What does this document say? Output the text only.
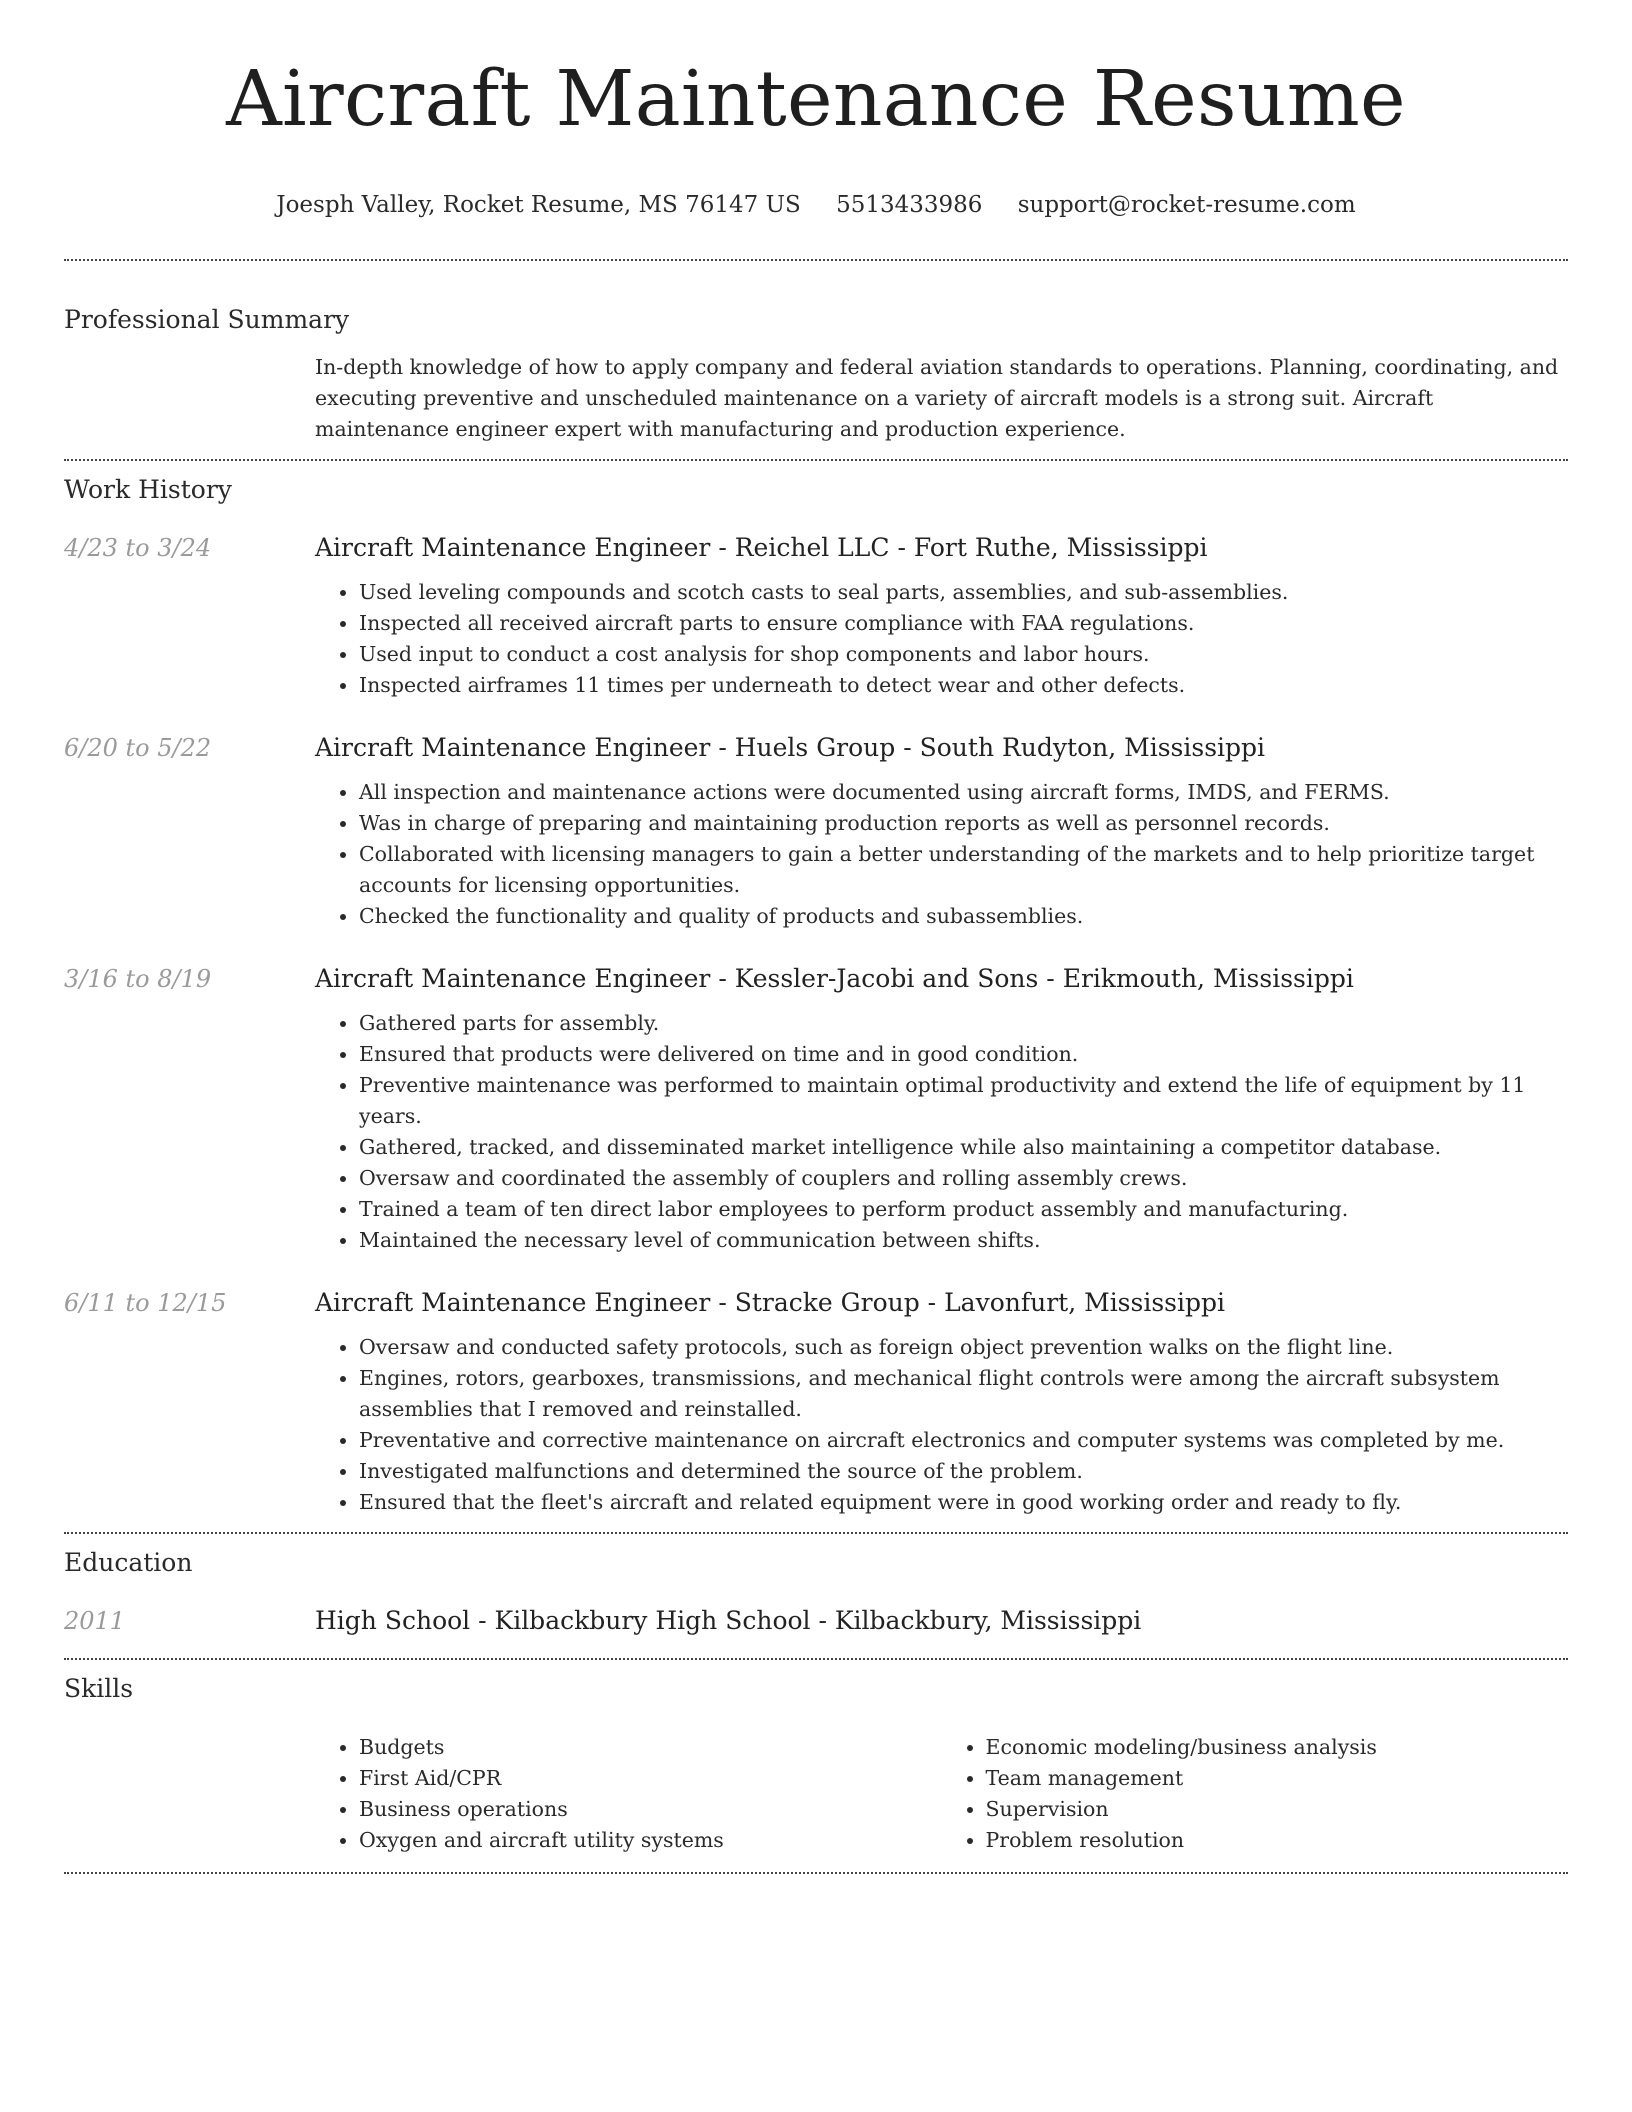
Aircraft Maintenance Resume
Joesph Valley, Rocket Resume, MS 76147 US 5513433986 support@rocket-resume.com
Professional Summary
In-depth knowledge of how to apply company and federal aviation standards to operations. Planning, coordinating, and executing preventive and unscheduled maintenance on a variety of aircraft models is a strong suit. Aircraft maintenance engineer expert with manufacturing and production experience.
Work History
4/23 to 3/24	Aircraft Maintenance Engineer - Reichel LLC - Fort Ruthe, Mississippi
• Used leveling compounds and scotch casts to seal parts, assemblies, and sub-assemblies.
• Inspected all received aircraft parts to ensure compliance with FAA regulations.
• Used input to conduct a cost analysis for shop components and labor hours.
• Inspected airframes 11 times per underneath to detect wear and other defects.
6/20 to 5/22	Aircraft Maintenance Engineer - Huels Group - South Rudyton, Mississippi
• All inspection and maintenance actions were documented using aircraft forms, IMDS, and FERMS.
• Was in charge of preparing and maintaining production reports as well as personnel records.
• Collaborated with licensing managers to gain a better understanding of the markets and to help prioritize target accounts for licensing opportunities.
• Checked the functionality and quality of products and subassemblies.
3/16 to 8/19	Aircraft Maintenance Engineer - Kessler-Jacobi and Sons - Erikmouth, Mississippi
• Gathered parts for assembly.
• Ensured that products were delivered on time and in good condition.
• Preventive maintenance was performed to maintain optimal productivity and extend the life of equipment by 11 years.
• Gathered, tracked, and disseminated market intelligence while also maintaining a competitor database.
• Oversaw and coordinated the assembly of couplers and rolling assembly crews.
• Trained a team of ten direct labor employees to perform product assembly and manufacturing.
• Maintained the necessary level of communication between shifts.
6/11 to 12/15	Aircraft Maintenance Engineer - Stracke Group - Lavonfurt, Mississippi
• Oversaw and conducted safety protocols, such as foreign object prevention walks on the flight line.
• Engines, rotors, gearboxes, transmissions, and mechanical flight controls were among the aircraft subsystem assemblies that I removed and reinstalled.
• Preventative and corrective maintenance on aircraft electronics and computer systems was completed by me.
• Investigated malfunctions and determined the source of the problem.
• Ensured that the fleet's aircraft and related equipment were in good working order and ready to fly.
Education
2011	High School - Kilbackbury High School - Kilbackbury, Mississippi
Skills
• Budgets
• First Aid/CPR
• Business operations
• Oxygen and aircraft utility systems
• Economic modeling/business analysis
• Team management
• Supervision
• Problem resolution
